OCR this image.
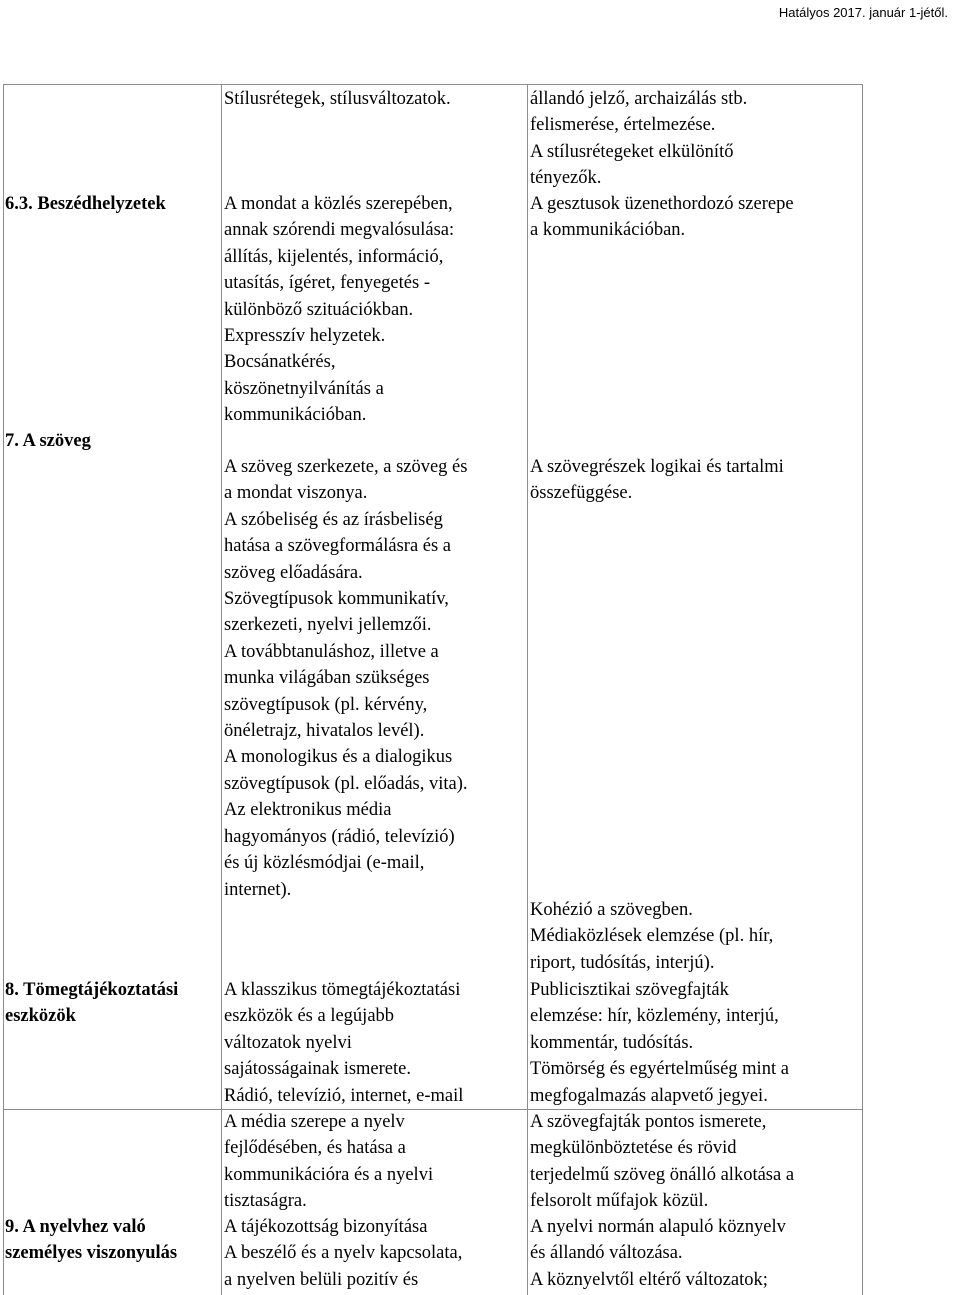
Hatályos 2017. január 1-jétől.
Stílusrétegek, stílusváltozatok.	állandó jelző, archaizálás stb.
felismerése, értelmezése.
A stílusrétegeket elkülönítő
tényezők.
6.3. Beszédhelyzetek	A mondat a közlés szerepében,
annak szórendi megvalósulása:
állítás, kijelentés, információ,
utasítás, ígéret, fenyegetés -
különböző szituációkban.
Expresszív helyzetek.
Bocsánatkérés,
köszönetnyilvánítás a
kommunikációban.
A gesztusok üzenethordozó szerepe
a kommunikációban.
7. A szöveg
A szöveg szerkezete, a szöveg és
a mondat viszonya.
A szóbeliség és az írásbeliség
hatása a szövegformálásra és a
szöveg előadására.
Szövegtípusok kommunikatív,
szerkezeti, nyelvi jellemzői.
A továbbtanuláshoz, illetve a
munka világában szükséges
szövegtípusok (pl. kérvény,
önéletrajz, hivatalos levél).
A monologikus és a dialogikus
szövegtípusok (pl. előadás, vita).
Az elektronikus média
hagyományos (rádió, televízió)
és új közlésmódjai (e-mail,
internet).
A szövegrészek logikai és tartalmi
összefüggése.
Kohézió a szövegben.
Médiaközlések elemzése (pl. hír,
riport, tudósítás, interjú).
8. Tömegtájékoztatási
eszközök
A klasszikus tömegtájékoztatási
eszközök és a legújabb
változatok nyelvi
sajátosságainak ismerete.
Rádió, televízió, internet, e-mail
Publicisztikai szövegfajták
elemzése: hír, közlemény, interjú,
kommentár, tudósítás.
Tömörség és egyértelműség mint a
megfogalmazás alapvető jegyei.
A média szerepe a nyelv
fejlődésében, és hatása a
kommunikációra és a nyelvi
tisztaságra.
A szövegfajták pontos ismerete,
megkülönböztetése és rövid
terjedelmű szöveg önálló alkotása a
felsorolt műfajok közül.
9. A nyelvhez való
személyes viszonyulás
A tájékozottság bizonyítása
A beszélő és a nyelv kapcsolata,
a nyelven belüli pozitív és
A nyelvi normán alapuló köznyelv
és állandó változása.
A köznyelvtől eltérő változatok;
